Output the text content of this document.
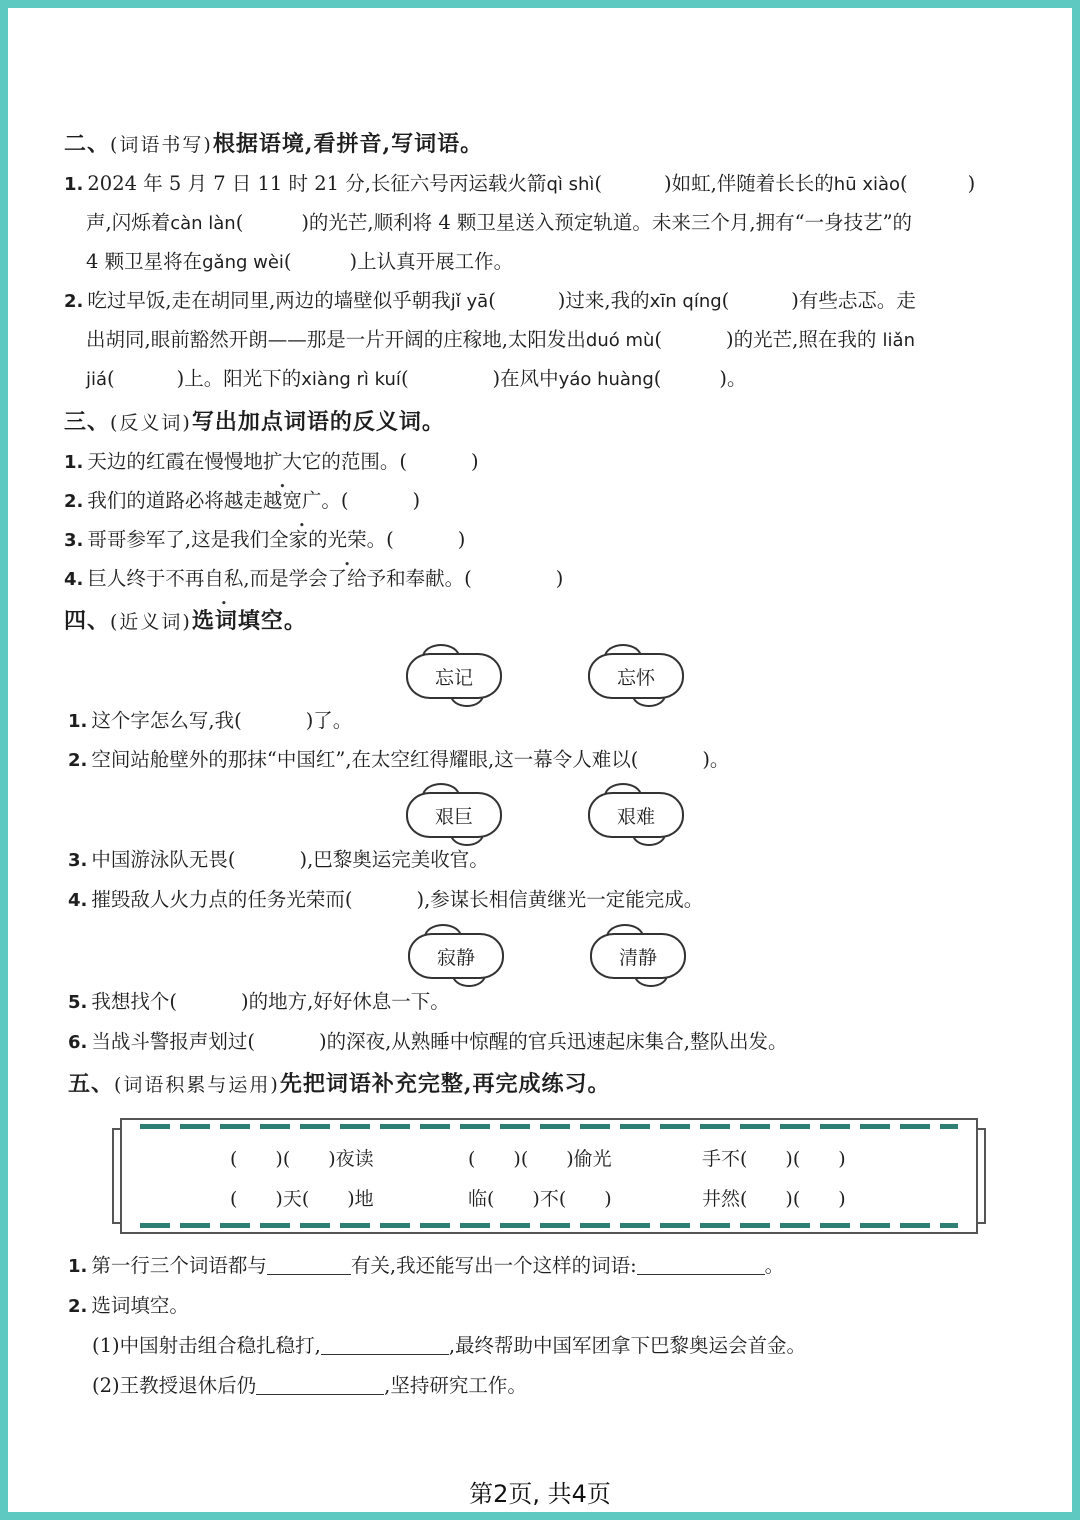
二、(词语书写)根据语境,看拼音,写词语。
1. 2024 年 5 月 7 日 11 时 21 分,长征六号丙运载火箭qì shì(	)如虹,伴随着长长的hū xiào(	)
声,闪烁着càn làn(	)的光芒,顺利将 4 颗卫星送入预定轨道。未来三个月,拥有“一身技艺”的
4 颗卫星将在gǎng wèi(	)上认真开展工作。
2. 吃过早饭,走在胡同里,两边的墙壁似乎朝我jǐ yā(	)过来,我的xīn qíng(	)有些忐忑。走
出胡同,眼前豁然开朗——那是一片开阔的庄稼地,太阳发出duó mù(	)的光芒,照在我的 liǎn
jiá(	)上。阳光下的xiàng rì kuí(	)在风中yáo huàng(	)。
三、(反义词)写出加点词语的反义词。
1. 天边的红霞在慢慢地扩大它的范围。(	)
2. 我们的道路必将越走越宽广。(	)
3. 哥哥参军了,这是我们全家的光荣。(	)
4. 巨人终于不再自私,而是学会了给予和奉献。(	)
四、(近义词)选词填空。
忘记	忘怀
1. 这个字怎么写,我(	)了。
2. 空间站舱壁外的那抹“中国红”,在太空红得耀眼,这一幕令人难以(	)。
艰巨	艰难
3. 中国游泳队无畏(	),巴黎奥运完美收官。
4. 摧毁敌人火力点的任务光荣而(	),参谋长相信黄继光一定能完成。
寂静	清静
5. 我想找个(	)的地方,好好休息一下。
6. 当战斗警报声划过(	)的深夜,从熟睡中惊醒的官兵迅速起床集合,整队出发。
五、(词语积累与运用)先把词语补充完整,再完成练习。
(　　)(　　)夜读	(　　)(　　)偷光	手不(　　)(　　)
(　　)天(　　)地	临(　　)不(　　)	井然(　　)(　　)
1. 第一行三个词语都与	有关,我还能写出一个这样的词语:	。
2. 选词填空。
(1)中国射击组合稳扎稳打,	,最终帮助中国军团拿下巴黎奥运会首金。
(2)王教授退休后仍	,坚持研究工作。
第2页, 共4页
